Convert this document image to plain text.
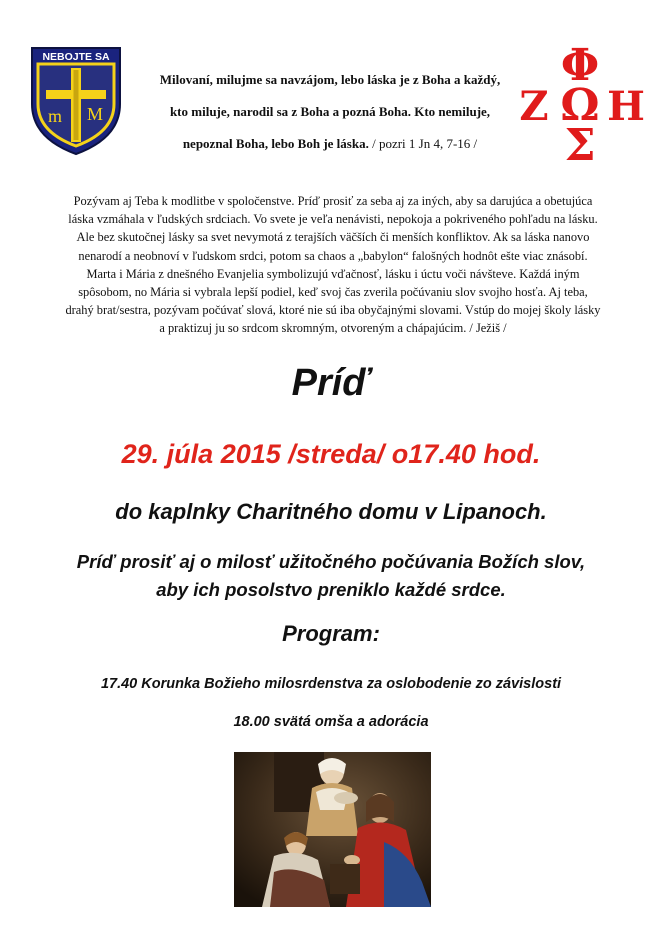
NEBOJTE SA
m M
Φ
Ζ Ω Η
Σ
Milovaní, milujme sa navzájom, lebo láska je z Boha a každý,
kto miluje, narodil sa z Boha a pozná Boha. Kto nemiluje,
nepoznal Boha, lebo Boh je láska. / pozri 1 Jn 4, 7-16 /
Pozývam aj Teba k modlitbe v spoločenstve. Príď prosiť za seba aj za iných, aby sa darujúca a obetujúca
láska vzmáhala v ľudských srdciach. Vo svete je veľa nenávisti, nepokoja a pokriveného pohľadu na lásku.
Ale bez skutočnej lásky sa svet nevymotá z terajších väčších či menších konfliktov. Ak sa láska nanovo
nenarodí a neobnoví v ľudskom srdci, potom sa chaos a „babylon“ falošných hodnôt ešte viac znásobí.
Marta i Mária z dnešného Evanjelia symbolizujú vďačnosť, lásku i úctu voči návšteve. Každá iným
spôsobom, no Mária si vybrala lepší podiel, keď svoj čas zverila počúvaniu slov svojho hosťa. Aj teba,
drahý brat/sestra, pozývam počúvať slová, ktoré nie sú iba obyčajnými slovami. Vstúp do mojej školy lásky
a praktizuj ju so srdcom skromným, otvoreným a chápajúcim. / Ježiš /
Príď
29. júla 2015 /streda/ o17.40 hod.
do kaplnky Charitného domu v Lipanoch.
Príď prosiť aj o milosť užitočného počúvania Božích slov,
aby ich posolstvo preniklo každé srdce.
Program:
17.40 Korunka Božieho milosrdenstva za oslobodenie zo závislosti
18.00 svätá omša a adorácia
